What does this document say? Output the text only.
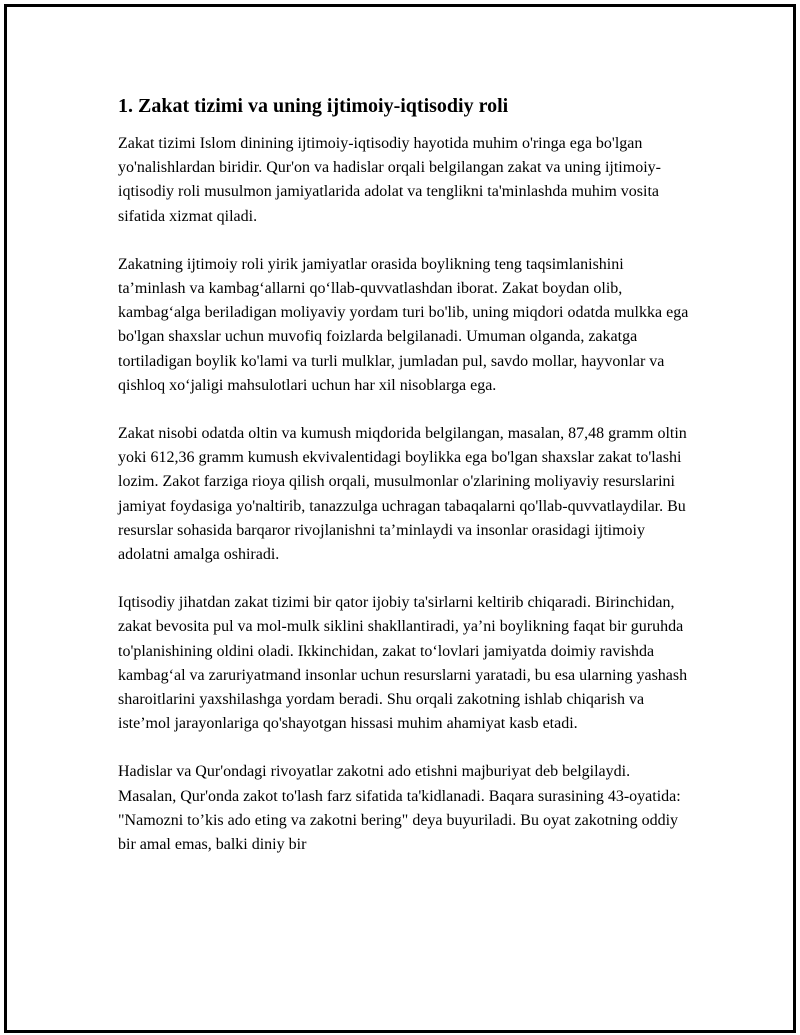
1. Zakat tizimi va uning ijtimoiy-iqtisodiy roli

Zakat tizimi Islom dinining ijtimoiy-iqtisodiy hayotida muhim o'ringa ega bo'lgan yo'nalishlardan biridir. Qur'on va hadislar orqali belgilangan zakat va uning ijtimoiy-iqtisodiy roli musulmon jamiyatlarida adolat va tenglikni ta'minlashda muhim vosita sifatida xizmat qiladi.

Zakatning ijtimoiy roli yirik jamiyatlar orasida boylikning teng taqsimlanishini ta’minlash va kambag‘allarni qo‘llab-quvvatlashdan iborat. Zakat boydan olib, kambag‘alga beriladigan moliyaviy yordam turi bo'lib, uning miqdori odatda mulkka ega bo'lgan shaxslar uchun muvofiq foizlarda belgilanadi. Umuman olganda, zakatga tortiladigan boylik ko'lami va turli mulklar, jumladan pul, savdo mollar, hayvonlar va qishloq xo‘jaligi mahsulotlari uchun har xil nisoblarga ega.

Zakat nisobi odatda oltin va kumush miqdorida belgilangan, masalan, 87,48 gramm oltin yoki 612,36 gramm kumush ekvivalentidagi boylikka ega bo'lgan shaxslar zakat to'lashi lozim. Zakot farziga rioya qilish orqali, musulmonlar o'zlarining moliyaviy resurslarini jamiyat foydasiga yo'naltirib, tanazzulga uchragan tabaqalarni qo'llab-quvvatlaydilar. Bu resurslar sohasida barqaror rivojlanishni ta’minlaydi va insonlar orasidagi ijtimoiy adolatni amalga oshiradi.

Iqtisodiy jihatdan zakat tizimi bir qator ijobiy ta'sirlarni keltirib chiqaradi. Birinchidan, zakat bevosita pul va mol-mulk siklini shakllantiradi, ya’ni boylikning faqat bir guruhda to'planishining oldini oladi. Ikkinchidan, zakat to‘lovlari jamiyatda doimiy ravishda kambag‘al va zaruriyatmand insonlar uchun resurslarni yaratadi, bu esa ularning yashash sharoitlarini yaxshilashga yordam beradi. Shu orqali zakotning ishlab chiqarish va iste’mol jarayonlariga qo'shayotgan hissasi muhim ahamiyat kasb etadi.

Hadislar va Qur'ondagi rivoyatlar zakotni ado etishni majburiyat deb belgilaydi. Masalan, Qur'onda zakot to'lash farz sifatida ta'kidlanadi. Baqara surasining 43-oyatida: "Namozni to’kis ado eting va zakotni bering" deya buyuriladi. Bu oyat zakotning oddiy bir amal emas, balki diniy bir
